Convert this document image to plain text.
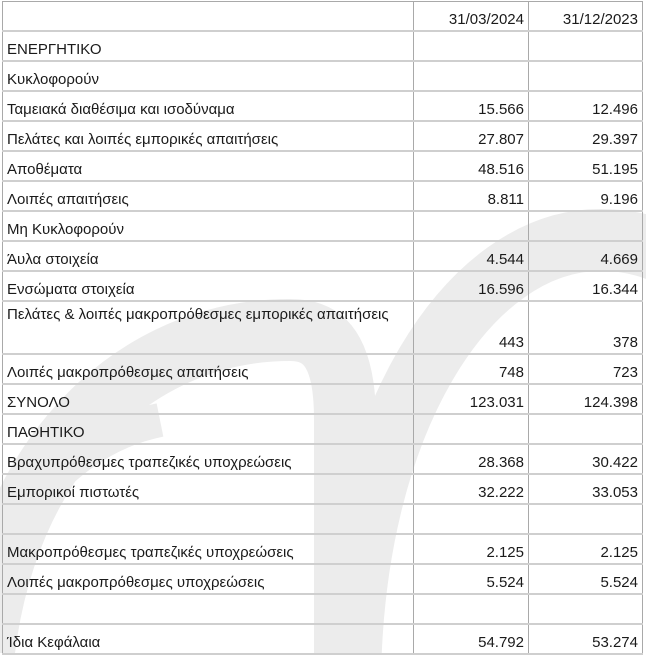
	31/03/2024	31/12/2023
ΕΝΕΡΓΗΤΙΚΟ		
Κυκλοφορούν		
Ταμειακά διαθέσιμα και ισοδύναμα	15.566	12.496
Πελάτες και λοιπές εμπορικές απαιτήσεις	27.807	29.397
Αποθέματα	48.516	51.195
Λοιπές απαιτήσεις	8.811	9.196
Μη Κυκλοφορούν		
Άυλα στοιχεία	4.544	4.669
Ενσώματα στοιχεία	16.596	16.344
Πελάτες & λοιπές μακροπρόθεσμες εμπορικές απαιτήσεις	443	378
Λοιπές μακροπρόθεσμες απαιτήσεις	748	723
ΣΥΝΟΛΟ	123.031	124.398
ΠΑΘΗΤΙΚΟ		
Βραχυπρόθεσμες τραπεζικές υποχρεώσεις	28.368	30.422
Εμπορικοί πιστωτές	32.222	33.053

Μακροπρόθεσμες τραπεζικές υποχρεώσεις	2.125	2.125
Λοιπές μακροπρόθεσμες υποχρεώσεις	5.524	5.524

Ίδια Κεφάλαια	54.792	53.274
